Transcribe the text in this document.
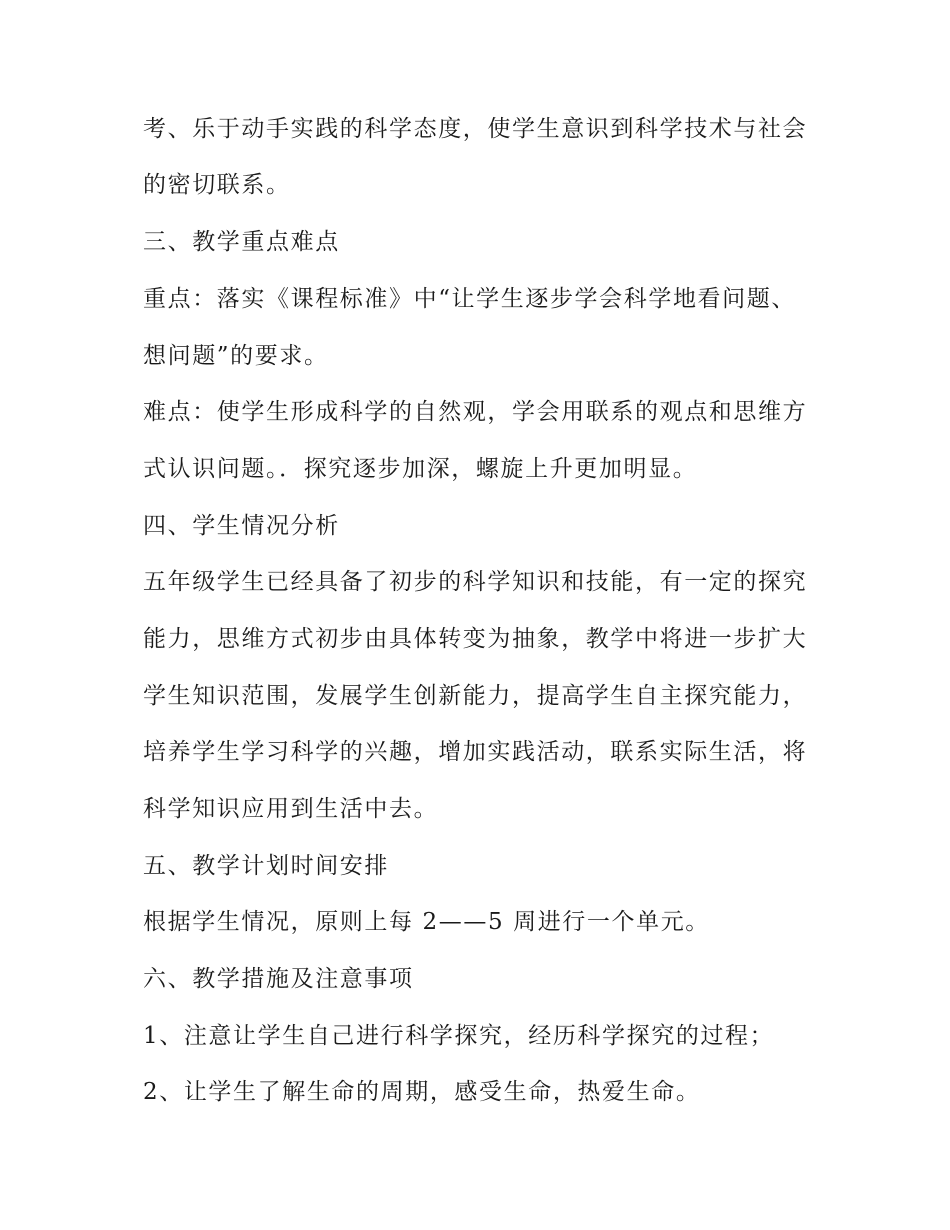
考、乐于动手实践的科学态度，使学生意识到科学技术与社会
的密切联系。
三、教学重点难点
重点：落实《课程标准》中“让学生逐步学会科学地看问题、
想问题”的要求。
难点：使学生形成科学的自然观，学会用联系的观点和思维方
式认识问题。．探究逐步加深，螺旋上升更加明显。
四、学生情况分析
五年级学生已经具备了初步的科学知识和技能，有一定的探究
能力，思维方式初步由具体转变为抽象，教学中将进一步扩大
学生知识范围，发展学生创新能力，提高学生自主探究能力，
培养学生学习科学的兴趣，增加实践活动，联系实际生活，将
科学知识应用到生活中去。
五、教学计划时间安排
根据学生情况，原则上每 2——5 周进行一个单元。
六、教学措施及注意事项
1、注意让学生自己进行科学探究，经历科学探究的过程；
2、让学生了解生命的周期，感受生命，热爱生命。
